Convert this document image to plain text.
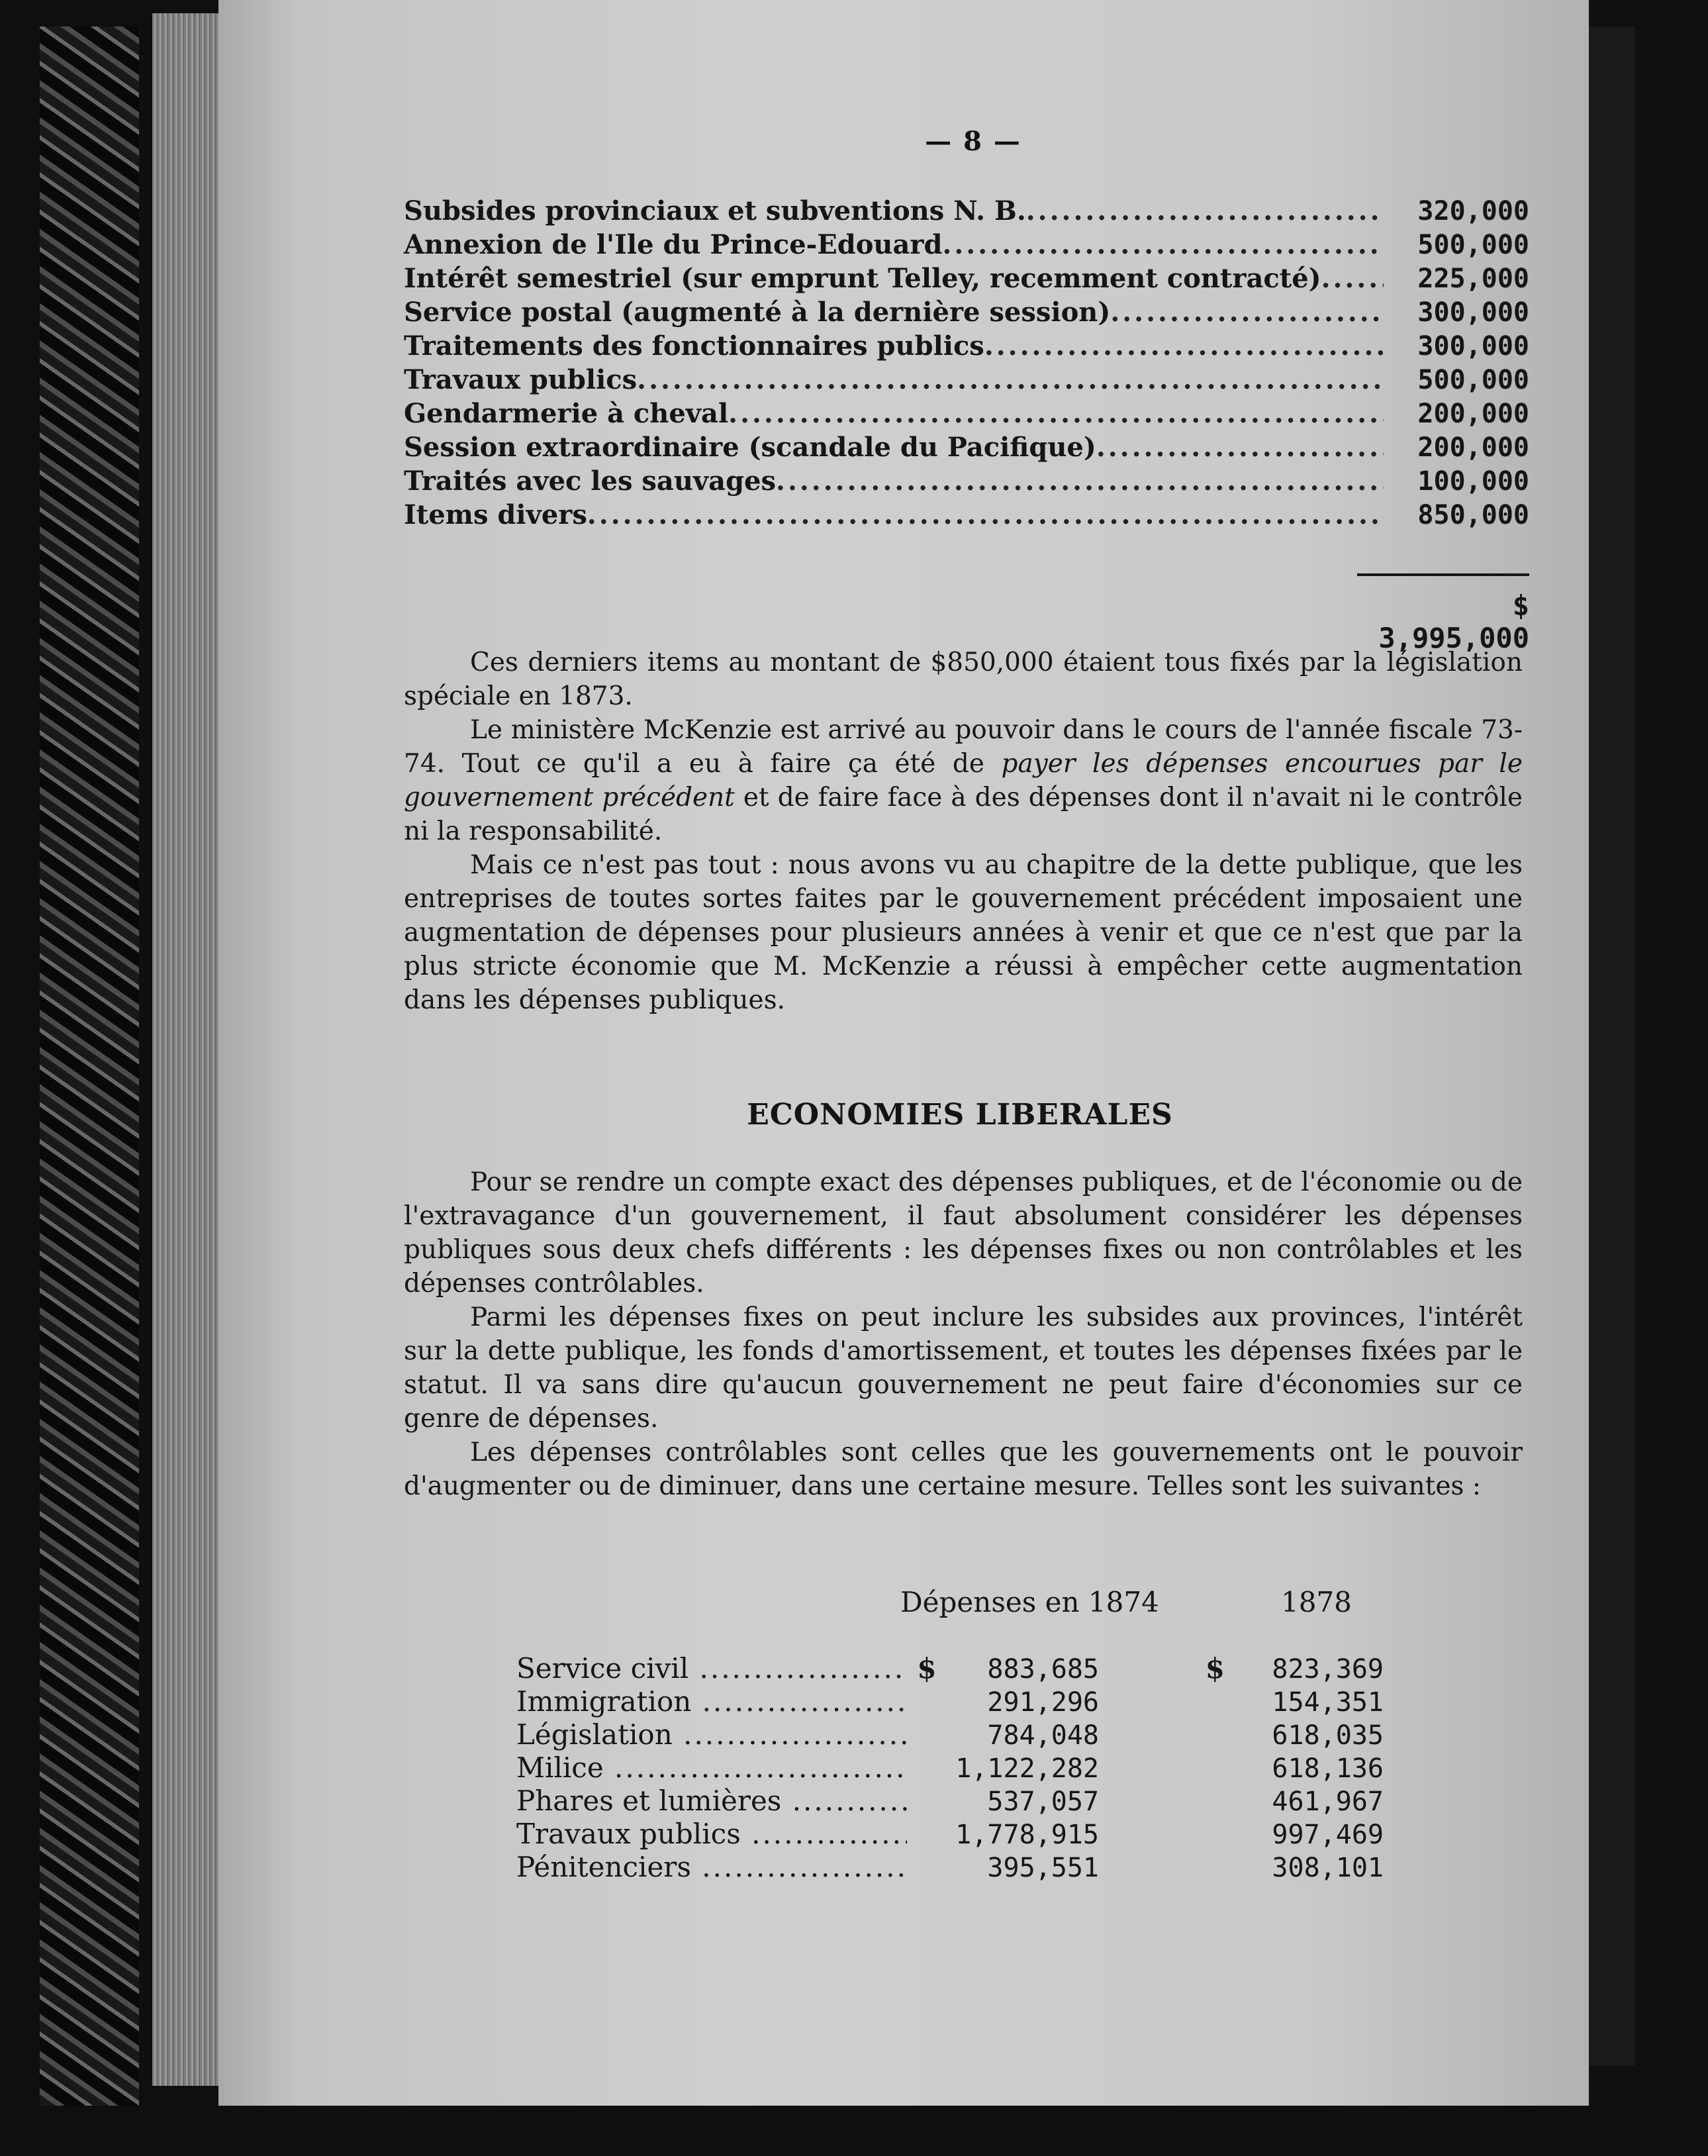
— 8 —
Subsides provinciaux et subventions N. B. .....	320,000
Annexion de l'Ile du Prince-Edouard .....	500,000
Intérêt semestriel (sur emprunt Telley, recemment contracté) .....	225,000
Service postal (augmenté à la dernière session) .....	300,000
Traitements des fonctionnaires publics .....	300,000
Travaux publics .....	500,000
Gendarmerie à cheval .....	200,000
Session extraordinaire (scandale du Pacifique) .....	200,000
Traités avec les sauvages .....	100,000
Items divers .....	850,000
$ 3,995,000

Ces derniers items au montant de $850,000 étaient tous fixés par la législation spéciale en 1873.

Le ministère McKenzie est arrivé au pouvoir dans le cours de l'année fiscale 73-74. Tout ce qu'il a eu à faire ça été de payer les dépenses encourues par le gouvernement précédent et de faire face à des dépenses dont il n'avait ni le contrôle ni la responsabilité.

Mais ce n'est pas tout : nous avons vu au chapitre de la dette publique, que les entreprises de toutes sortes faites par le gouvernement précédent imposaient une augmentation de dépenses pour plusieurs années à venir et que ce n'est que par la plus stricte économie que M. McKenzie a réussi à empêcher cette augmentation dans les dépenses publiques.

ECONOMIES LIBERALES

Pour se rendre un compte exact des dépenses publiques, et de l'économie ou de l'extravagance d'un gouvernement, il faut absolument considérer les dépenses publiques sous deux chefs différents : les dépenses fixes ou non contrôlables et les dépenses contrôlables.

Parmi les dépenses fixes on peut inclure les subsides aux provinces, l'intérêt sur la dette publique, les fonds d'amortissement, et toutes les dépenses fixées par le statut. Il va sans dire qu'aucun gouvernement ne peut faire d'économies sur ce genre de dépenses.

Les dépenses contrôlables sont celles que les gouvernements ont le pouvoir d'augmenter ou de diminuer, dans une certaine mesure. Telles sont les suivantes :

Dépenses en 1874	1878
Service civil .....	$	883,685	$	823,369
Immigration .....	291,296	154,351
Législation .....	784,048	618,035
Milice .....	1,122,282	618,136
Phares et lumières .....	537,057	461,967
Travaux publics .....	1,778,915	997,469
Pénitenciers .....	395,551	308,101
